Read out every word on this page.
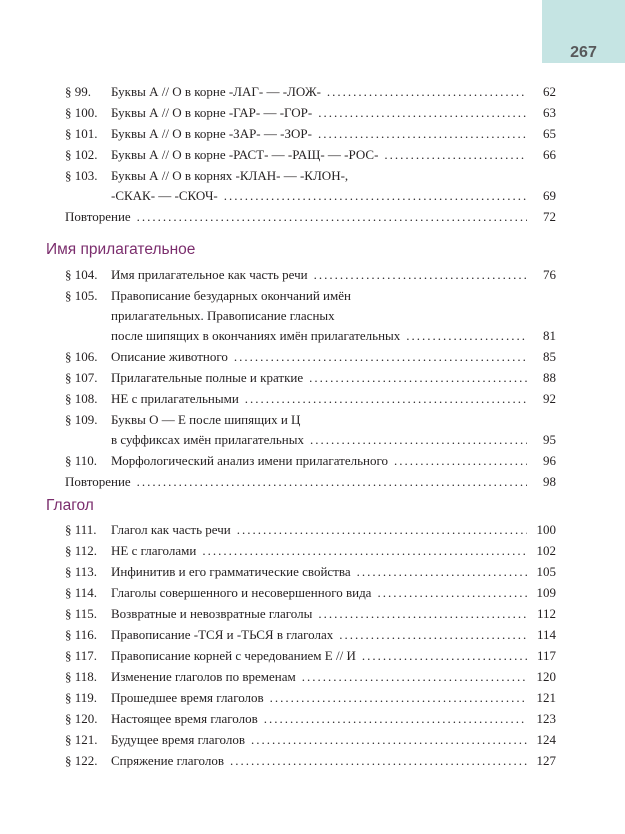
267
§ 99.	Буквы А // О в корне -ЛАГ- — -ЛОЖ- .....	62
§ 100.	Буквы А // О в корне -ГАР- — -ГОР- .....	63
§ 101.	Буквы А // О в корне -ЗАР- — -ЗОР- .....	65
§ 102.	Буквы А // О в корне -РАСТ- — -РАЩ- — -РОС- .....	66
§ 103.	Буквы А // О в корнях -КЛАН- — -КЛОН-,
-СКАК- — -СКОЧ- .....	69
Повторение .....	72
Имя прилагательное
§ 104.	Имя прилагательное как часть речи .....	76
§ 105.	Правописание безударных окончаний имён
прилагательных. Правописание гласных
после шипящих в окончаниях имён прилагательных .....	81
§ 106.	Описание животного .....	85
§ 107.	Прилагательные полные и краткие .....	88
§ 108.	НЕ с прилагательными .....	92
§ 109.	Буквы О — Е после шипящих и Ц
в суффиксах имён прилагательных .....	95
§ 110.	Морфологический анализ имени прилагательного .....	96
Повторение .....	98
Глагол
§ 111.	Глагол как часть речи .....	100
§ 112.	НЕ с глаголами .....	102
§ 113.	Инфинитив и его грамматические свойства .....	105
§ 114.	Глаголы совершенного и несовершенного вида .....	109
§ 115.	Возвратные и невозвратные глаголы .....	112
§ 116.	Правописание -ТСЯ и -ТЬСЯ в глаголах .....	114
§ 117.	Правописание корней с чередованием Е // И .....	117
§ 118.	Изменение глаголов по временам .....	120
§ 119.	Прошедшее время глаголов .....	121
§ 120.	Настоящее время глаголов .....	123
§ 121.	Будущее время глаголов .....	124
§ 122.	Спряжение глаголов .....	127
